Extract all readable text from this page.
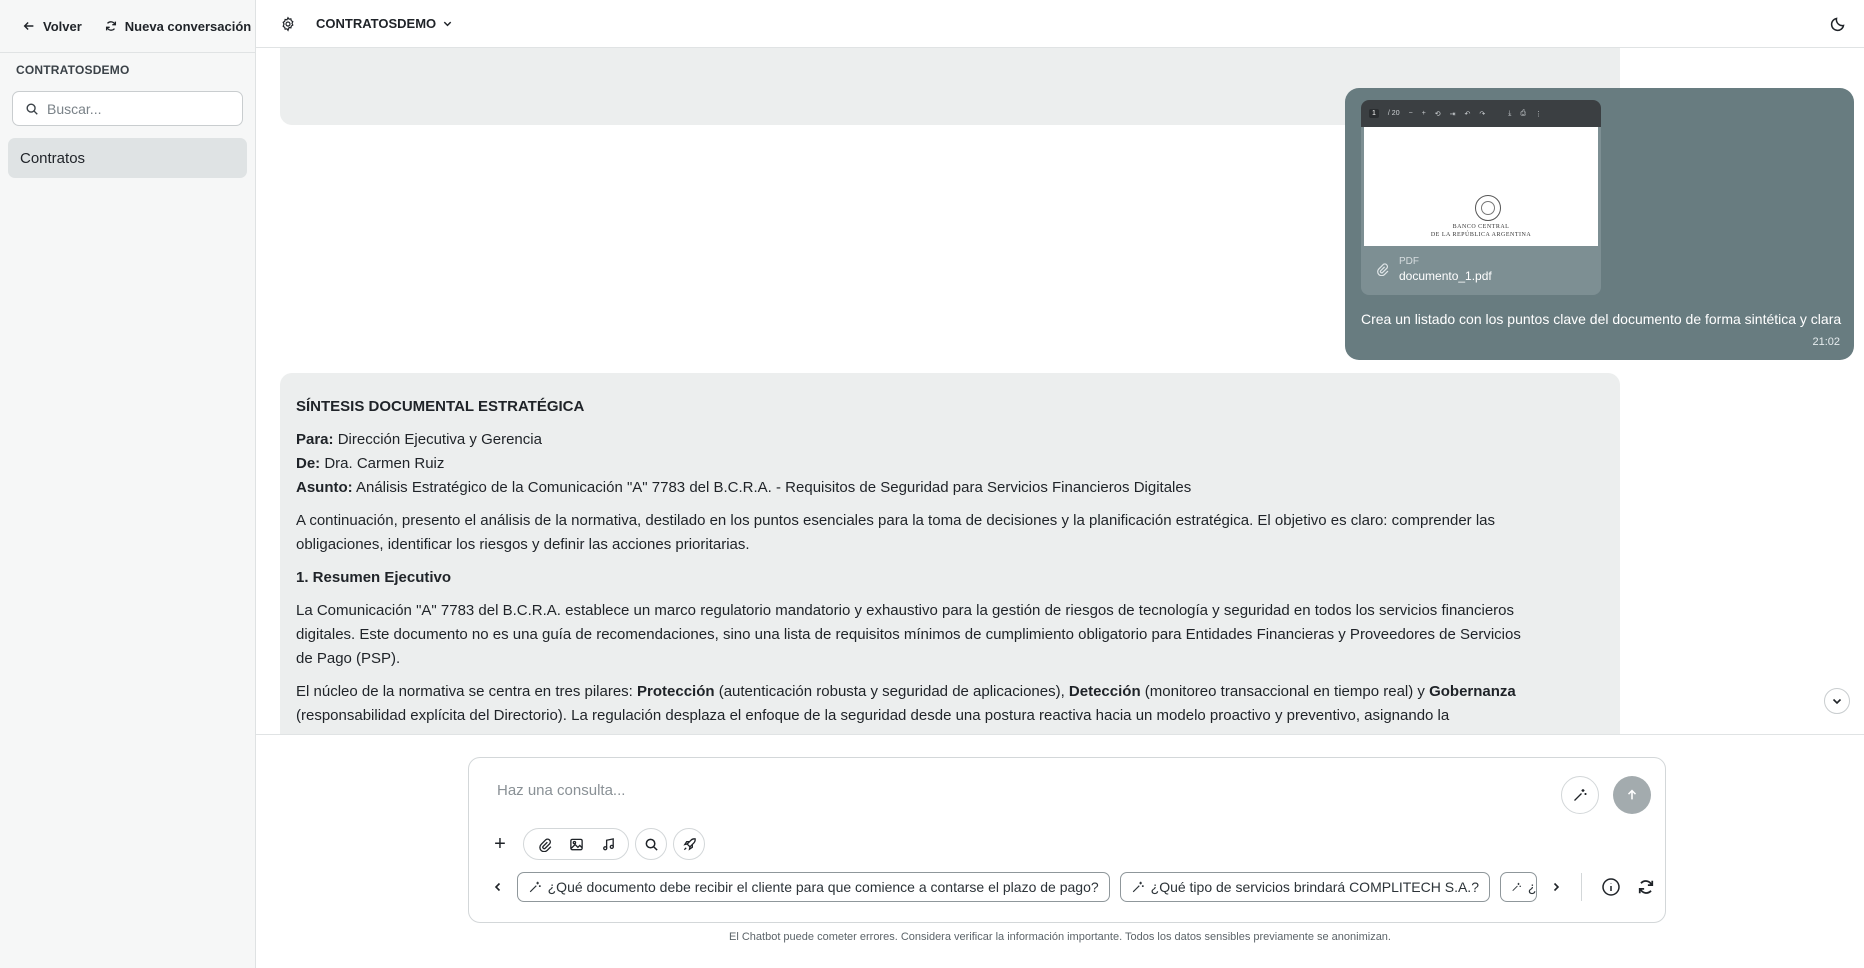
Volver	Nueva conversación
CONTRATOSDEMO
Buscar...
Contratos
CONTRATOSDEMO
1	/ 20 − + ⟲ ⇥ ↶ ↷	⤓ ⎙ ⋮
BANCO CENTRAL
DE LA REPÚBLICA ARGENTINA
PDF
documento_1.pdf
Crea un listado con los puntos clave del documento de forma sintética y clara
21:02

SÍNTESIS DOCUMENTAL ESTRATÉGICA

Para: Dirección Ejecutiva y Gerencia

De: Dra. Carmen Ruiz

Asunto: Análisis Estratégico de la Comunicación "A" 7783 del B.C.R.A. - Requisitos de Seguridad para Servicios Financieros Digitales

A continuación, presento el análisis de la normativa, destilado en los puntos esenciales para la toma de decisiones y la planificación estratégica. El objetivo es claro: comprender las

obligaciones, identificar los riesgos y definir las acciones prioritarias.

1. Resumen Ejecutivo

La Comunicación "A" 7783 del B.C.R.A. establece un marco regulatorio mandatorio y exhaustivo para la gestión de riesgos de tecnología y seguridad en todos los servicios financieros

digitales. Este documento no es una guía de recomendaciones, sino una lista de requisitos mínimos de cumplimiento obligatorio para Entidades Financieras y Proveedores de Servicios

de Pago (PSP).

El núcleo de la normativa se centra en tres pilares: Protección (autenticación robusta y seguridad de aplicaciones), Detección (monitoreo transaccional en tiempo real) y Gobernanza

(responsabilidad explícita del Directorio). La regulación desplaza el enfoque de la seguridad desde una postura reactiva hacia un modelo proactivo y preventivo, asignando la

Haz una consulta...
+
¿Qué documento debe recibir el cliente para que comience a contarse el plazo de pago?	¿Qué tipo de servicios brindará COMPLITECH S.A.?	¿
El Chatbot puede cometer errores. Considera verificar la información importante. Todos los datos sensibles previamente se anonimizan.
